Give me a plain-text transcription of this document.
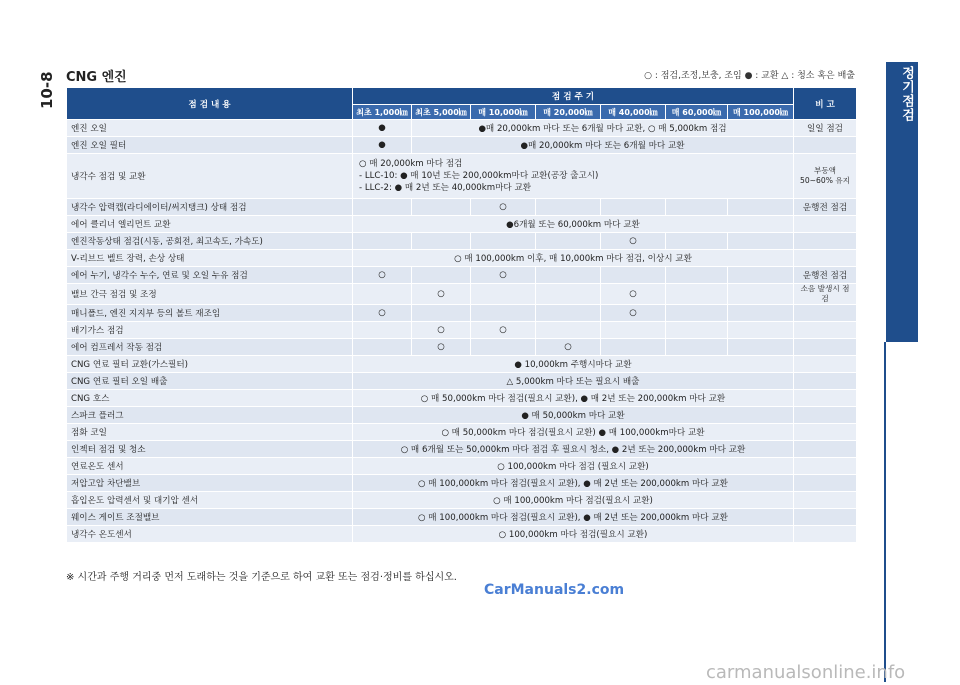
10-8	정기점검
CNG 엔진	○ : 점검,조정,보충, 조임 ● : 교환 △ : 청소 혹은 배출
점 검 내 용	점 검 주 기							비 고
	최초 1,000㎞	최초 5,000㎞	매 10,000㎞	매 20,000㎞	매 40,000㎞	매 60,000㎞	매 100,000㎞	
엔진 오일	●	●매 20,000km 마다 또는 6개월 마다 교환, ○ 매 5,000km 점검						일일 점검
엔진 오일 필터	●	●매 20,000km 마다 또는 6개월 마다 교환						
냉각수 점검 및 교환	○ 매 20,000km 마다 점검
- LLC-10: ● 매 10년 또는 200,000km마다 교환(공장 출고시)
- LLC-2: ● 매 2년 또는 40,000km마다 교환							부동액50~60% 유지
냉각수 압력캡(라디에이터/써지탱크) 상태 점검			○					운행전 점검
에어 클리너 엘리먼트 교환	●6개월 또는 60,000km 마다 교환							
엔진작동상태 점검(시동, 공회전, 최고속도, 가속도)					○			
V-리브드 벨트 장력, 손상 상태	○ 매 100,000km 이후, 매 10,000km 마다 점검, 이상시 교환							
에어 누기, 냉각수 누수, 연료 및 오일 누유 점검	○		○					운행전 점검
밸브 간극 점검 및 조정		○			○			소음 발생시 점검
매니폴드, 엔진 지지부 등의 볼트 재조임	○				○			
배기가스 점검		○	○					
에어 컴프레서 작동 점검		○		○				
CNG 연료 필터 교환(가스필터)	● 10,000km 주행시마다 교환							
CNG 연료 필터 오일 배출	△ 5,000km 마다 또는 필요시 배출							
CNG 호스	○ 매 50,000km 마다 점검(필요시 교환), ● 매 2년 또는 200,000km 마다 교환							
스파크 플러그	● 매 50,000km 마다 교환							
점화 코일	○ 매 50,000km 마다 점검(필요시 교환) ● 매 100,000km마다 교환							
인젝터 점검 및 청소	○ 매 6개월 또는 50,000km 마다 점검 후 필요시 청소, ● 2년 또는 200,000km 마다 교환							
연료온도 센서	○ 100,000km 마다 점검 (필요시 교환)							
저압고압 차단밸브	○ 매 100,000km 마다 점검(필요시 교환), ● 매 2년 또는 200,000km 마다 교환							
흡입온도 압력센서 및 대기압 센서	○ 매 100,000km 마다 점검(필요시 교환)							
웨이스 게이트 조절밸브	○ 매 100,000km 마다 점검(필요시 교환), ● 매 2년 또는 200,000km 마다 교환							
냉각수 온도센서	○ 100,000km 마다 점검(필요시 교환)							
※ 시간과 주행 거리중 먼저 도래하는 것을 기준으로 하여 교환 또는 점검·정비를 하십시오.
CarManuals2.com
carmanualsonline.info
